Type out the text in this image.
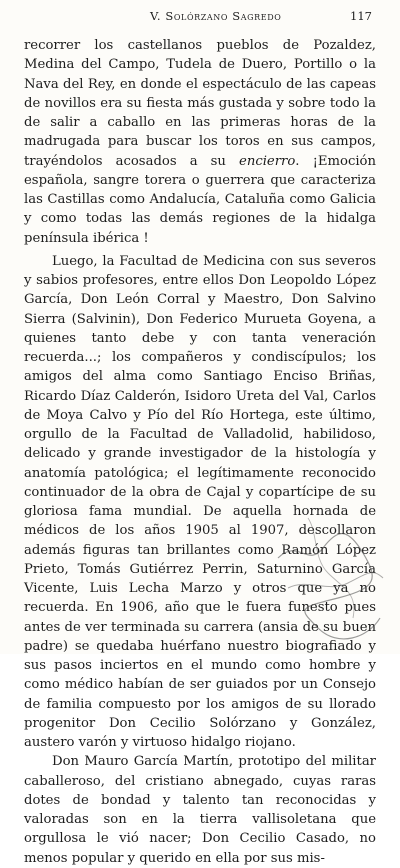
V. Solórzano Sagredo	117

recorrer los castellanos pueblos de Pozaldez, Medina del Campo, Tudela de Duero, Portillo o la Nava del Rey, en donde el espectáculo de las capeas de novillos era su fiesta más gustada y sobre todo la de salir a caballo en las primeras horas de la madrugada para buscar los toros en sus campos, trayéndolos acosados a su encierro. ¡Emoción española, sangre torera o guerrera que caracteriza las Castillas como Andalucía, Cataluña como Galicia y como todas las demás regiones de la hidalga península ibérica !

Luego, la Facultad de Medicina con sus severos y sabios profesores, entre ellos Don Leopoldo López García, Don León Corral y Maestro, Don Salvino Sierra (Salvinin), Don Federico Murueta Goyena, a quienes tanto debe y con tanta veneración recuerda...; los compañeros y condiscípulos; los amigos del alma como Santiago Enciso Briñas, Ricardo Díaz Calderón, Isidoro Ureta del Val, Carlos de Moya Calvo y Pío del Río Hortega, este último, orgullo de la Facultad de Valladolid, habilidoso, delicado y grande investigador de la histología y anatomía patológica; el legítimamente reconocido continuador de la obra de Cajal y copartícipe de su gloriosa fama mundial. De aquella hornada de médicos de los años 1905 al 1907, descollaron además figuras tan brillantes como Ramón López Prieto, Tomás Gutiérrez Perrin, Saturnino García Vicente, Luis Lecha Marzo y otros que ya no recuerda. En 1906, año que le fuera funesto pues antes de ver terminada su carrera (ansia de su buen padre) se quedaba huérfano nuestro biografiado y sus pasos inciertos en el mundo como hombre y como médico habían de ser guiados por un Consejo de familia compuesto por los amigos de su llorado progenitor Don Cecilio Solórzano y González, austero varón y virtuoso hidalgo riojano.

Don Mauro García Martín, prototipo del militar caballeroso, del cristiano abnegado, cuyas raras dotes de bondad y talento tan reconocidas y valoradas son en la tierra vallisoletana que orgullosa le vió nacer; Don Cecilio Casado, no menos popular y querido en ella por sus mis-
